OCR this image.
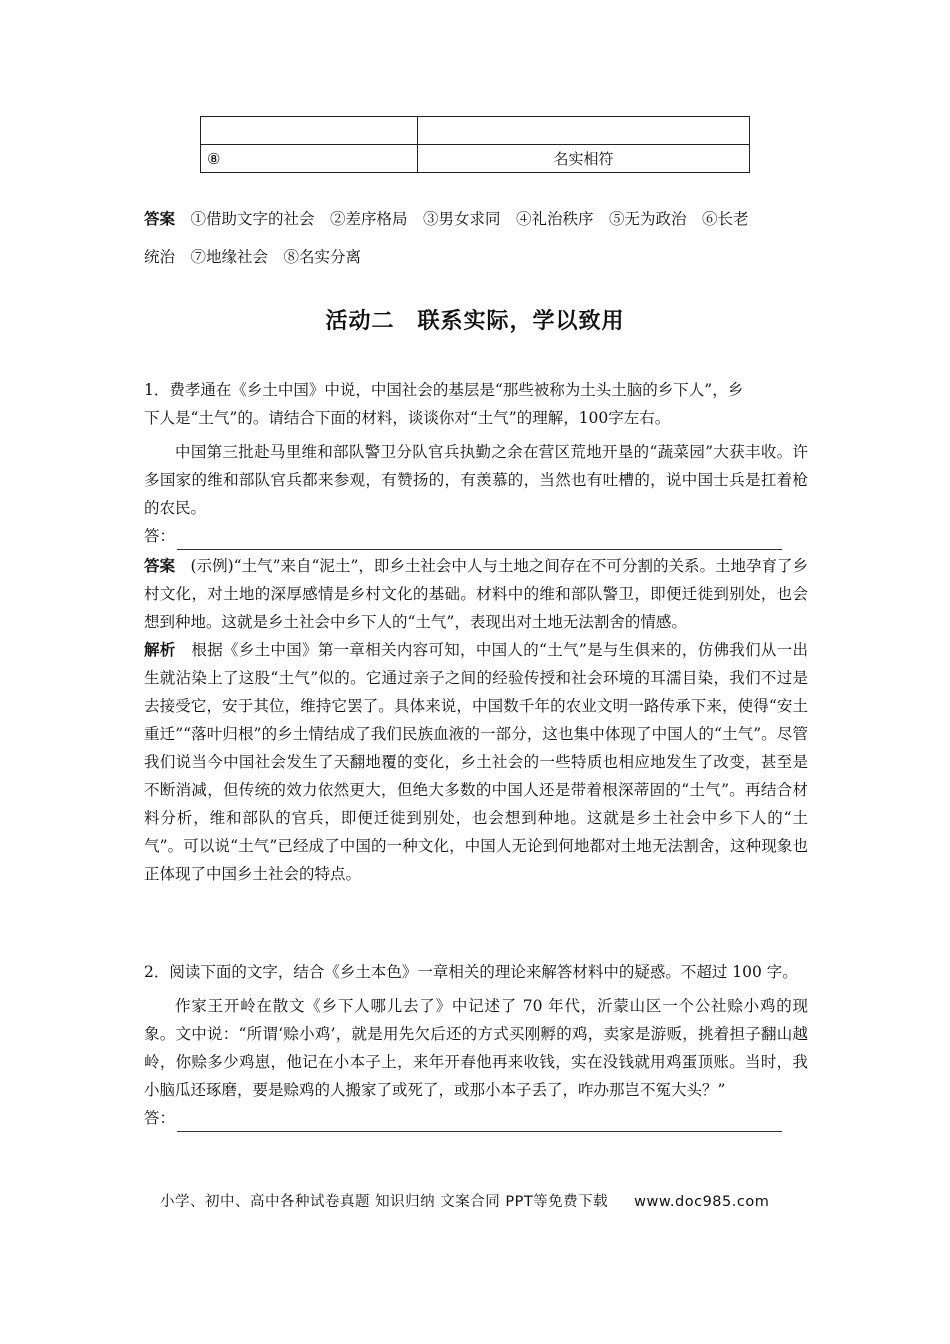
⑧	名实相符
答案　 ①借助文字的社会　②差序格局　③男女求同　④礼治秩序　⑤无为政治　⑥长老
统治　⑦地缘社会　⑧名实分离
活动二　联系实际，学以致用
1．费孝通在《乡土中国》中说，中国社会的基层是“那些被称为土头土脑的乡下人”，乡
下人是“土气”的。请结合下面的材料，谈谈你对“土气”的理解，100字左右。
中国第三批赴马里维和部队警卫分队官兵执勤之余在营区荒地开垦的“蔬菜园”大获丰收。许多国家的维和部队官兵都来参观，有赞扬的，有羡慕的，当然也有吐槽的，说中国士兵是扛着枪的农民。
答：
答案　 (示例)“土气”来自“泥土”，即乡土社会中人与土地之间存在不可分割的关系。土地孕育了乡村文化，对土地的深厚感情是乡村文化的基础。材料中的维和部队警卫，即便迁徙到别处，也会想到种地。这就是乡土社会中乡下人的“土气”，表现出对土地无法割舍的情感。
解析　 根据《乡土中国》第一章相关内容可知，中国人的“土气”是与生俱来的，仿佛我们从一出生就沾染上了这股“土气”似的。它通过亲子之间的经验传授和社会环境的耳濡目染，我们不过是去接受它，安于其位，维持它罢了。具体来说，中国数千年的农业文明一路传承下来，使得“安土重迁”“落叶归根”的乡土情结成了我们民族血液的一部分，这也集中体现了中国人的“土气”。尽管我们说当今中国社会发生了天翻地覆的变化，乡土社会的一些特质也相应地发生了改变，甚至是不断消减，但传统的效力依然更大，但绝大多数的中国人还是带着根深蒂固的“土气”。再结合材料分析，维和部队的官兵，即便迁徙到别处，也会想到种地。这就是乡土社会中乡下人的“土气”。可以说“土气”已经成了中国的一种文化，中国人无论到何地都对土地无法割舍，这种现象也正体现了中国乡土社会的特点。
2．阅读下面的文字，结合《乡土本色》一章相关的理论来解答材料中的疑惑。不超过 100 字。
作家王开岭在散文《乡下人哪儿去了》中记述了 70 年代，沂蒙山区一个公社赊小鸡的现象。文中说：“所谓‘赊小鸡’，就是用先欠后还的方式买刚孵的鸡，卖家是游贩，挑着担子翻山越岭，你赊多少鸡崽，他记在小本子上，来年开春他再来收钱，实在没钱就用鸡蛋顶账。当时，我小脑瓜还琢磨，要是赊鸡的人搬家了或死了，或那小本子丢了，咋办那岂不冤大头？”
答：
小学、初中、高中各种试卷真题 知识归纳 文案合同 PPT等免费下载 www.doc985.com
